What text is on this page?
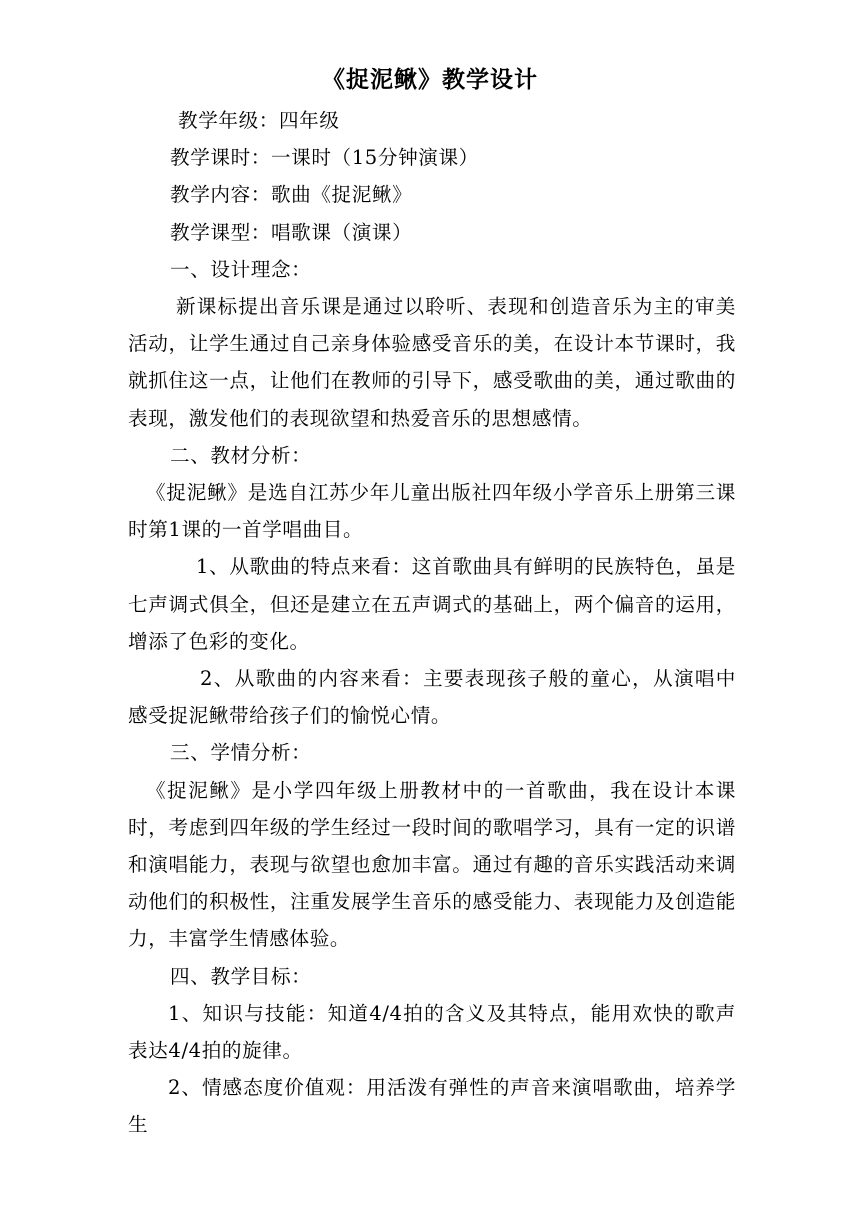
《捉泥鳅》教学设计

教学年级：四年级

教学课时：一课时（15分钟演课）

教学内容：歌曲《捉泥鳅》

教学课型：唱歌课（演课）

一、设计理念：

新课标提出音乐课是通过以聆听、表现和创造音乐为主的审美活动，让学生通过自己亲身体验感受音乐的美，在设计本节课时，我就抓住这一点，让他们在教师的引导下，感受歌曲的美，通过歌曲的表现，激发他们的表现欲望和热爱音乐的思想感情。

二、教材分析：

《捉泥鳅》是选自江苏少年儿童出版社四年级小学音乐上册第三课时第1课的一首学唱曲目。

1、从歌曲的特点来看：这首歌曲具有鲜明的民族特色，虽是七声调式俱全，但还是建立在五声调式的基础上，两个偏音的运用，增添了色彩的变化。

2、从歌曲的内容来看：主要表现孩子般的童心，从演唱中感受捉泥鳅带给孩子们的愉悦心情。

三、学情分析：

《捉泥鳅》是小学四年级上册教材中的一首歌曲，我在设计本课时，考虑到四年级的学生经过一段时间的歌唱学习，具有一定的识谱和演唱能力，表现与欲望也愈加丰富。通过有趣的音乐实践活动来调动他们的积极性，注重发展学生音乐的感受能力、表现能力及创造能力，丰富学生情感体验。

四、教学目标：

1、知识与技能：知道4/4拍的含义及其特点，能用欢快的歌声表达4/4拍的旋律。

2、情感态度价值观：用活泼有弹性的声音来演唱歌曲，培养学生
